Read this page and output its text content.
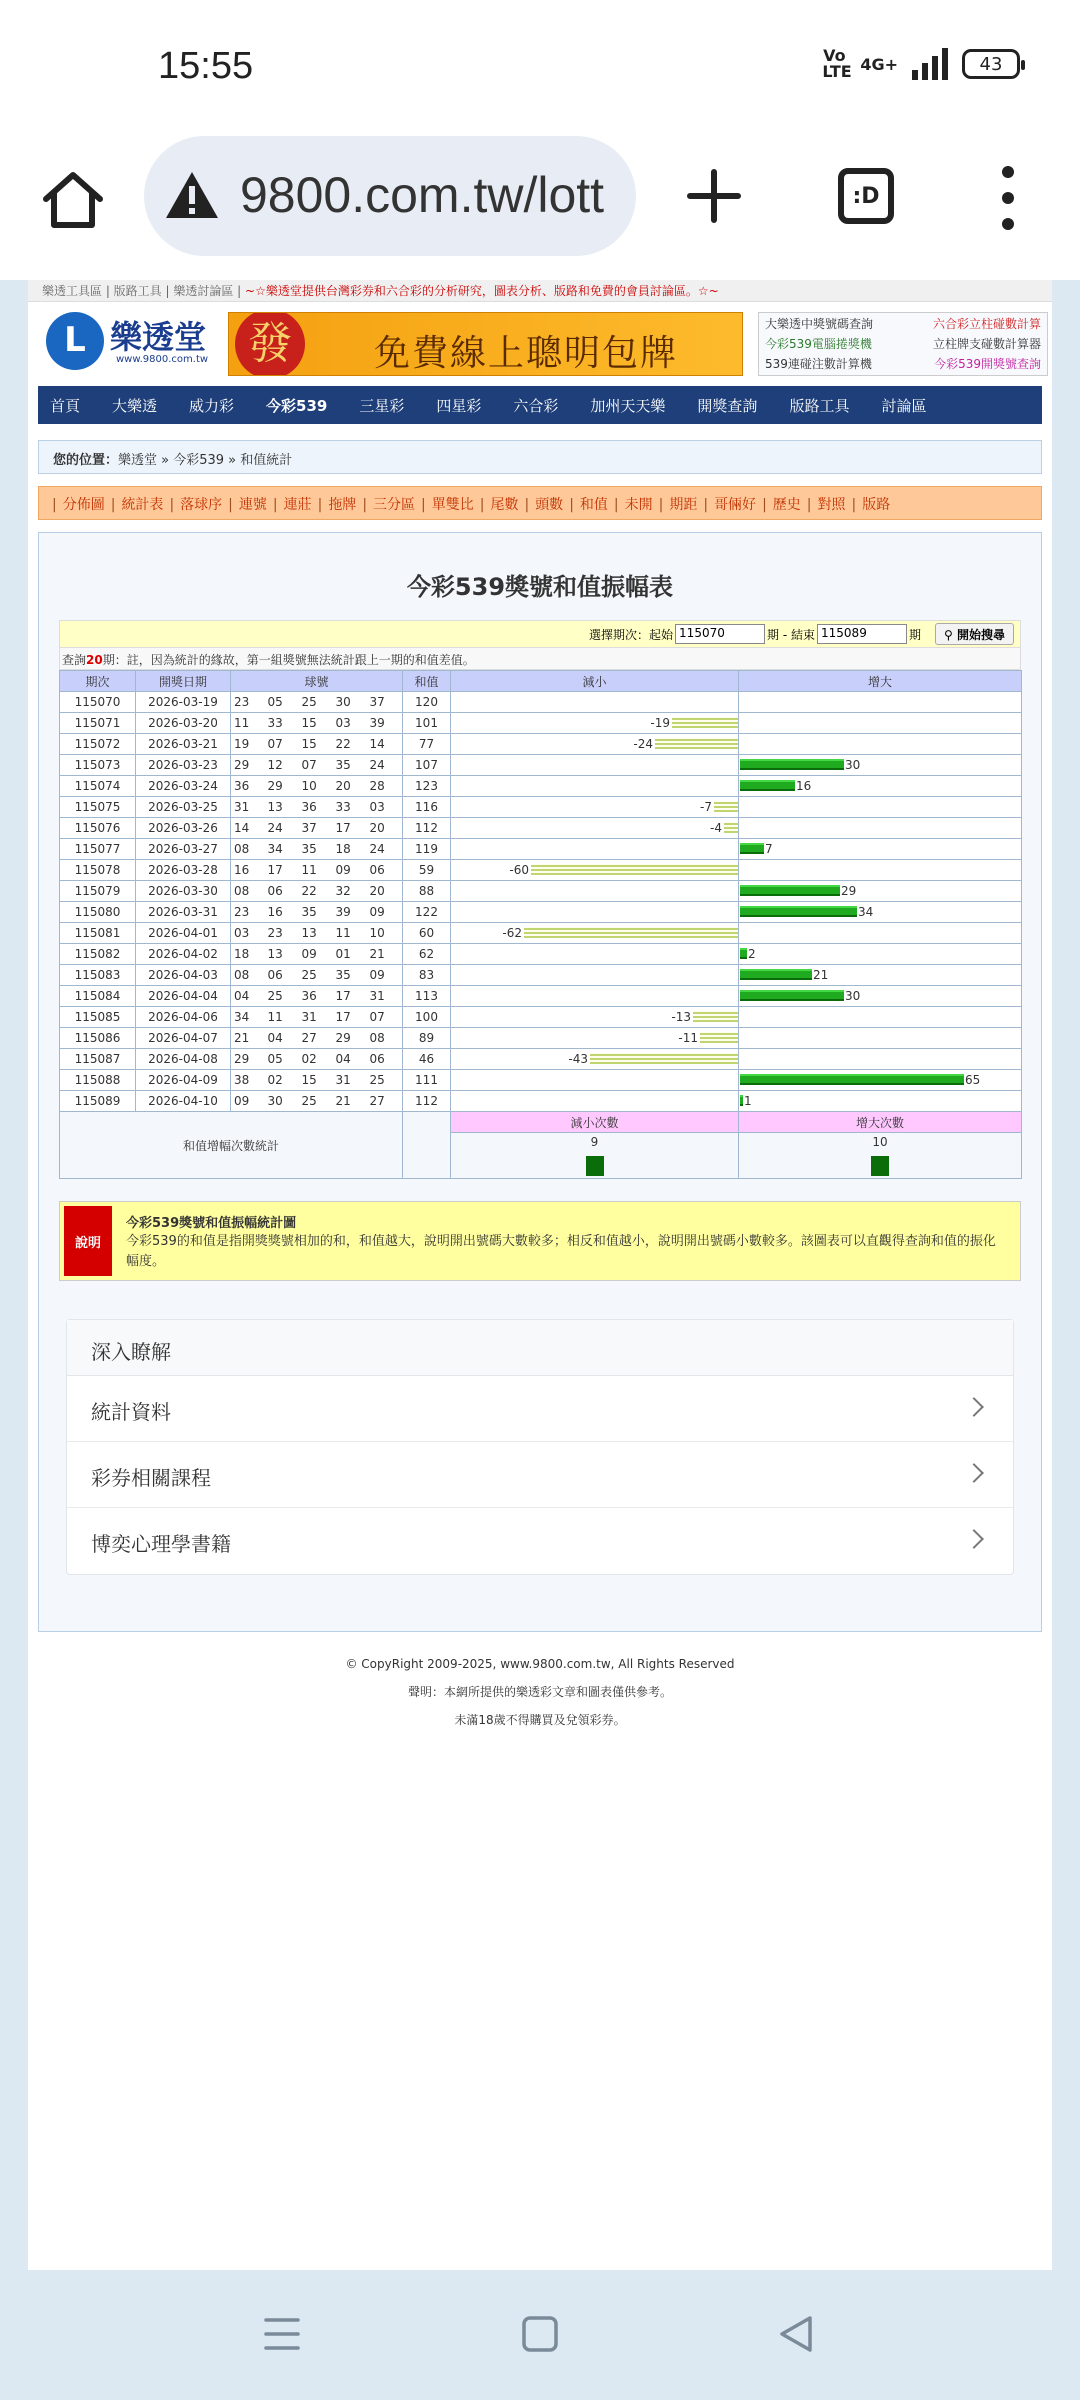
15:55	Vo LTE 4G+	43
9800.com.tw/lott	:D
樂透工具區 | 版路工具 | 樂透討論區 | ~☆樂透堂提供台灣彩券和六合彩的分析研究，圖表分析、版路和免費的會員討論區。☆~
L 樂透堂
www.9800.com.tw 發	免費線上聰明包牌
大樂透中獎號碼查詢	六合彩立柱碰數計算
今彩539電腦捲獎機	立柱牌支碰數計算器
539連碰注數計算機	今彩539開獎號查詢
首頁 大樂透 威力彩 今彩539 三星彩 四星彩 六合彩 加州天天樂 開獎查詢 版路工具 討論區
您的位置：樂透堂 » 今彩539 » 和值統計
| 分佈圖 | 統計表 | 落球序 | 連號 | 連莊 | 拖牌 | 三分區 | 單雙比 | 尾數 | 頭數 | 和值 | 未開 | 期距 | 哥倆好 | 歷史 | 對照 | 版路
今彩539獎號和值振幅表
選擇期次：起始 115070	期 - 結束 115089	期	⚲ 開始搜尋
查詢20期：註，因為統計的緣故，第一組獎號無法統計跟上一期的和值差值。
期次	開獎日期	球號					和值	減小	增大
115070	2026-03-19	23	05	25	30	37	120		
115071	2026-03-20	11	33	15	03	39	101	-19	

115072	2026-03-21	19	07	15	22	14	77	-24	

115073	2026-03-23	29	12	07	35	24	107		30

115074	2026-03-24	36	29	10	20	28	123		16

115075	2026-03-25	31	13	36	33	03	116	-7	

115076	2026-03-26	14	24	37	17	20	112	-4	

115077	2026-03-27	08	34	35	18	24	119		7

115078	2026-03-28	16	17	11	09	06	59	-60	

115079	2026-03-30	08	06	22	32	20	88		29

115080	2026-03-31	23	16	35	39	09	122		34

115081	2026-04-01	03	23	13	11	10	60	-62	

115082	2026-04-02	18	13	09	01	21	62		2

115083	2026-04-03	08	06	25	35	09	83		21

115084	2026-04-04	04	25	36	17	31	113		30

115085	2026-04-06	34	11	31	17	07	100	-13	

115086	2026-04-07	21	04	27	29	08	89	-11	

115087	2026-04-08	29	05	02	04	06	46	-43	

115088	2026-04-09	38	02	15	31	25	111		65

115089	2026-04-10	09	30	25	21	27	112		1

和值增幅次數統計								減小次數	增大次數

								9	10
說明
今彩539獎號和值振幅統計圖
今彩539的和值是指開獎獎號相加的和，和值越大，說明開出號碼大數較多；相反和值越小，說明開出號碼小數較多。該圖表可以直觀得查詢和值的振化幅度。
深入瞭解
統計資料
彩券相關課程
博奕心理學書籍
© CopyRight 2009-2025, www.9800.com.tw, All Rights Reserved
聲明：本網所提供的樂透彩文章和圖表僅供參考。
未滿18歲不得購買及兌領彩券。
